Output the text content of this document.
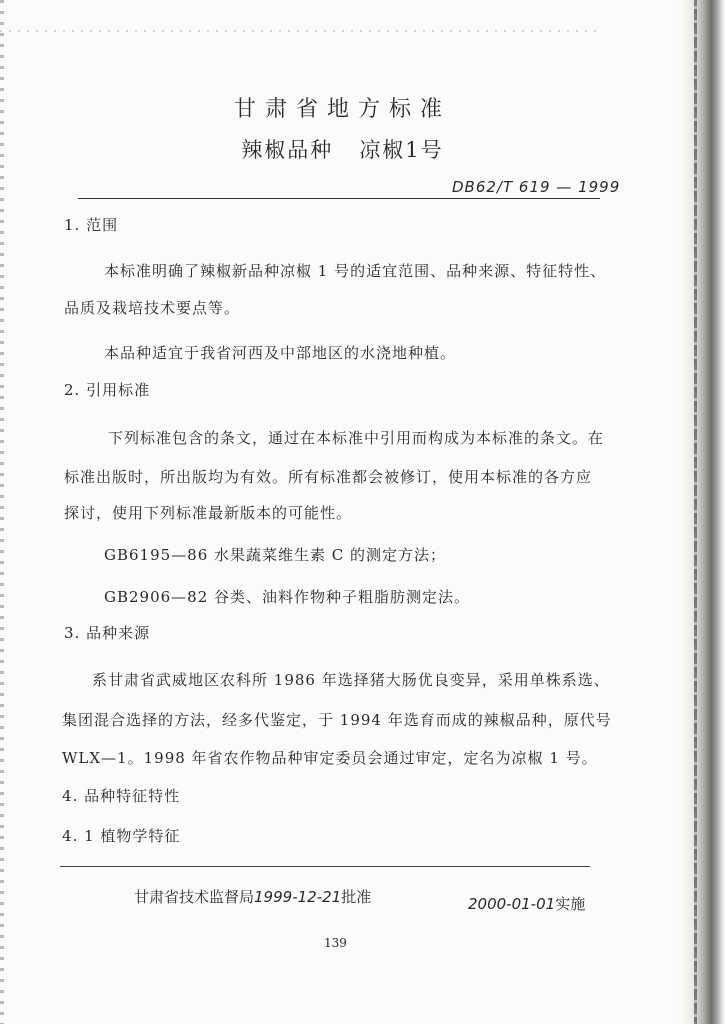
甘肃省地方标准
辣椒品种 凉椒1号
DB62/T 619 — 1999
1. 范围
本标准明确了辣椒新品种凉椒 1 号的适宜范围、品种来源、特征特性、
品质及栽培技术要点等。
本品种适宜于我省河西及中部地区的水浇地种植。
2. 引用标准
下列标准包含的条文，通过在本标准中引用而构成为本标准的条文。在
标准出版时，所出版均为有效。所有标准都会被修订，使用本标准的各方应
探讨，使用下列标准最新版本的可能性。
GB6195—86 水果蔬菜维生素 C 的测定方法；
GB2906—82 谷类、油料作物种子粗脂肪测定法。
3. 品种来源
系甘肃省武威地区农科所 1986 年选择猪大肠优良变异，采用单株系选、
集团混合选择的方法，经多代鉴定，于 1994 年选育而成的辣椒品种，原代号
WLX—1。1998 年省农作物品种审定委员会通过审定，定名为凉椒 1 号。
4. 品种特征特性
4. 1 植物学特征
甘肃省技术监督局1999-12-21批准	2000-01-01实施
139
